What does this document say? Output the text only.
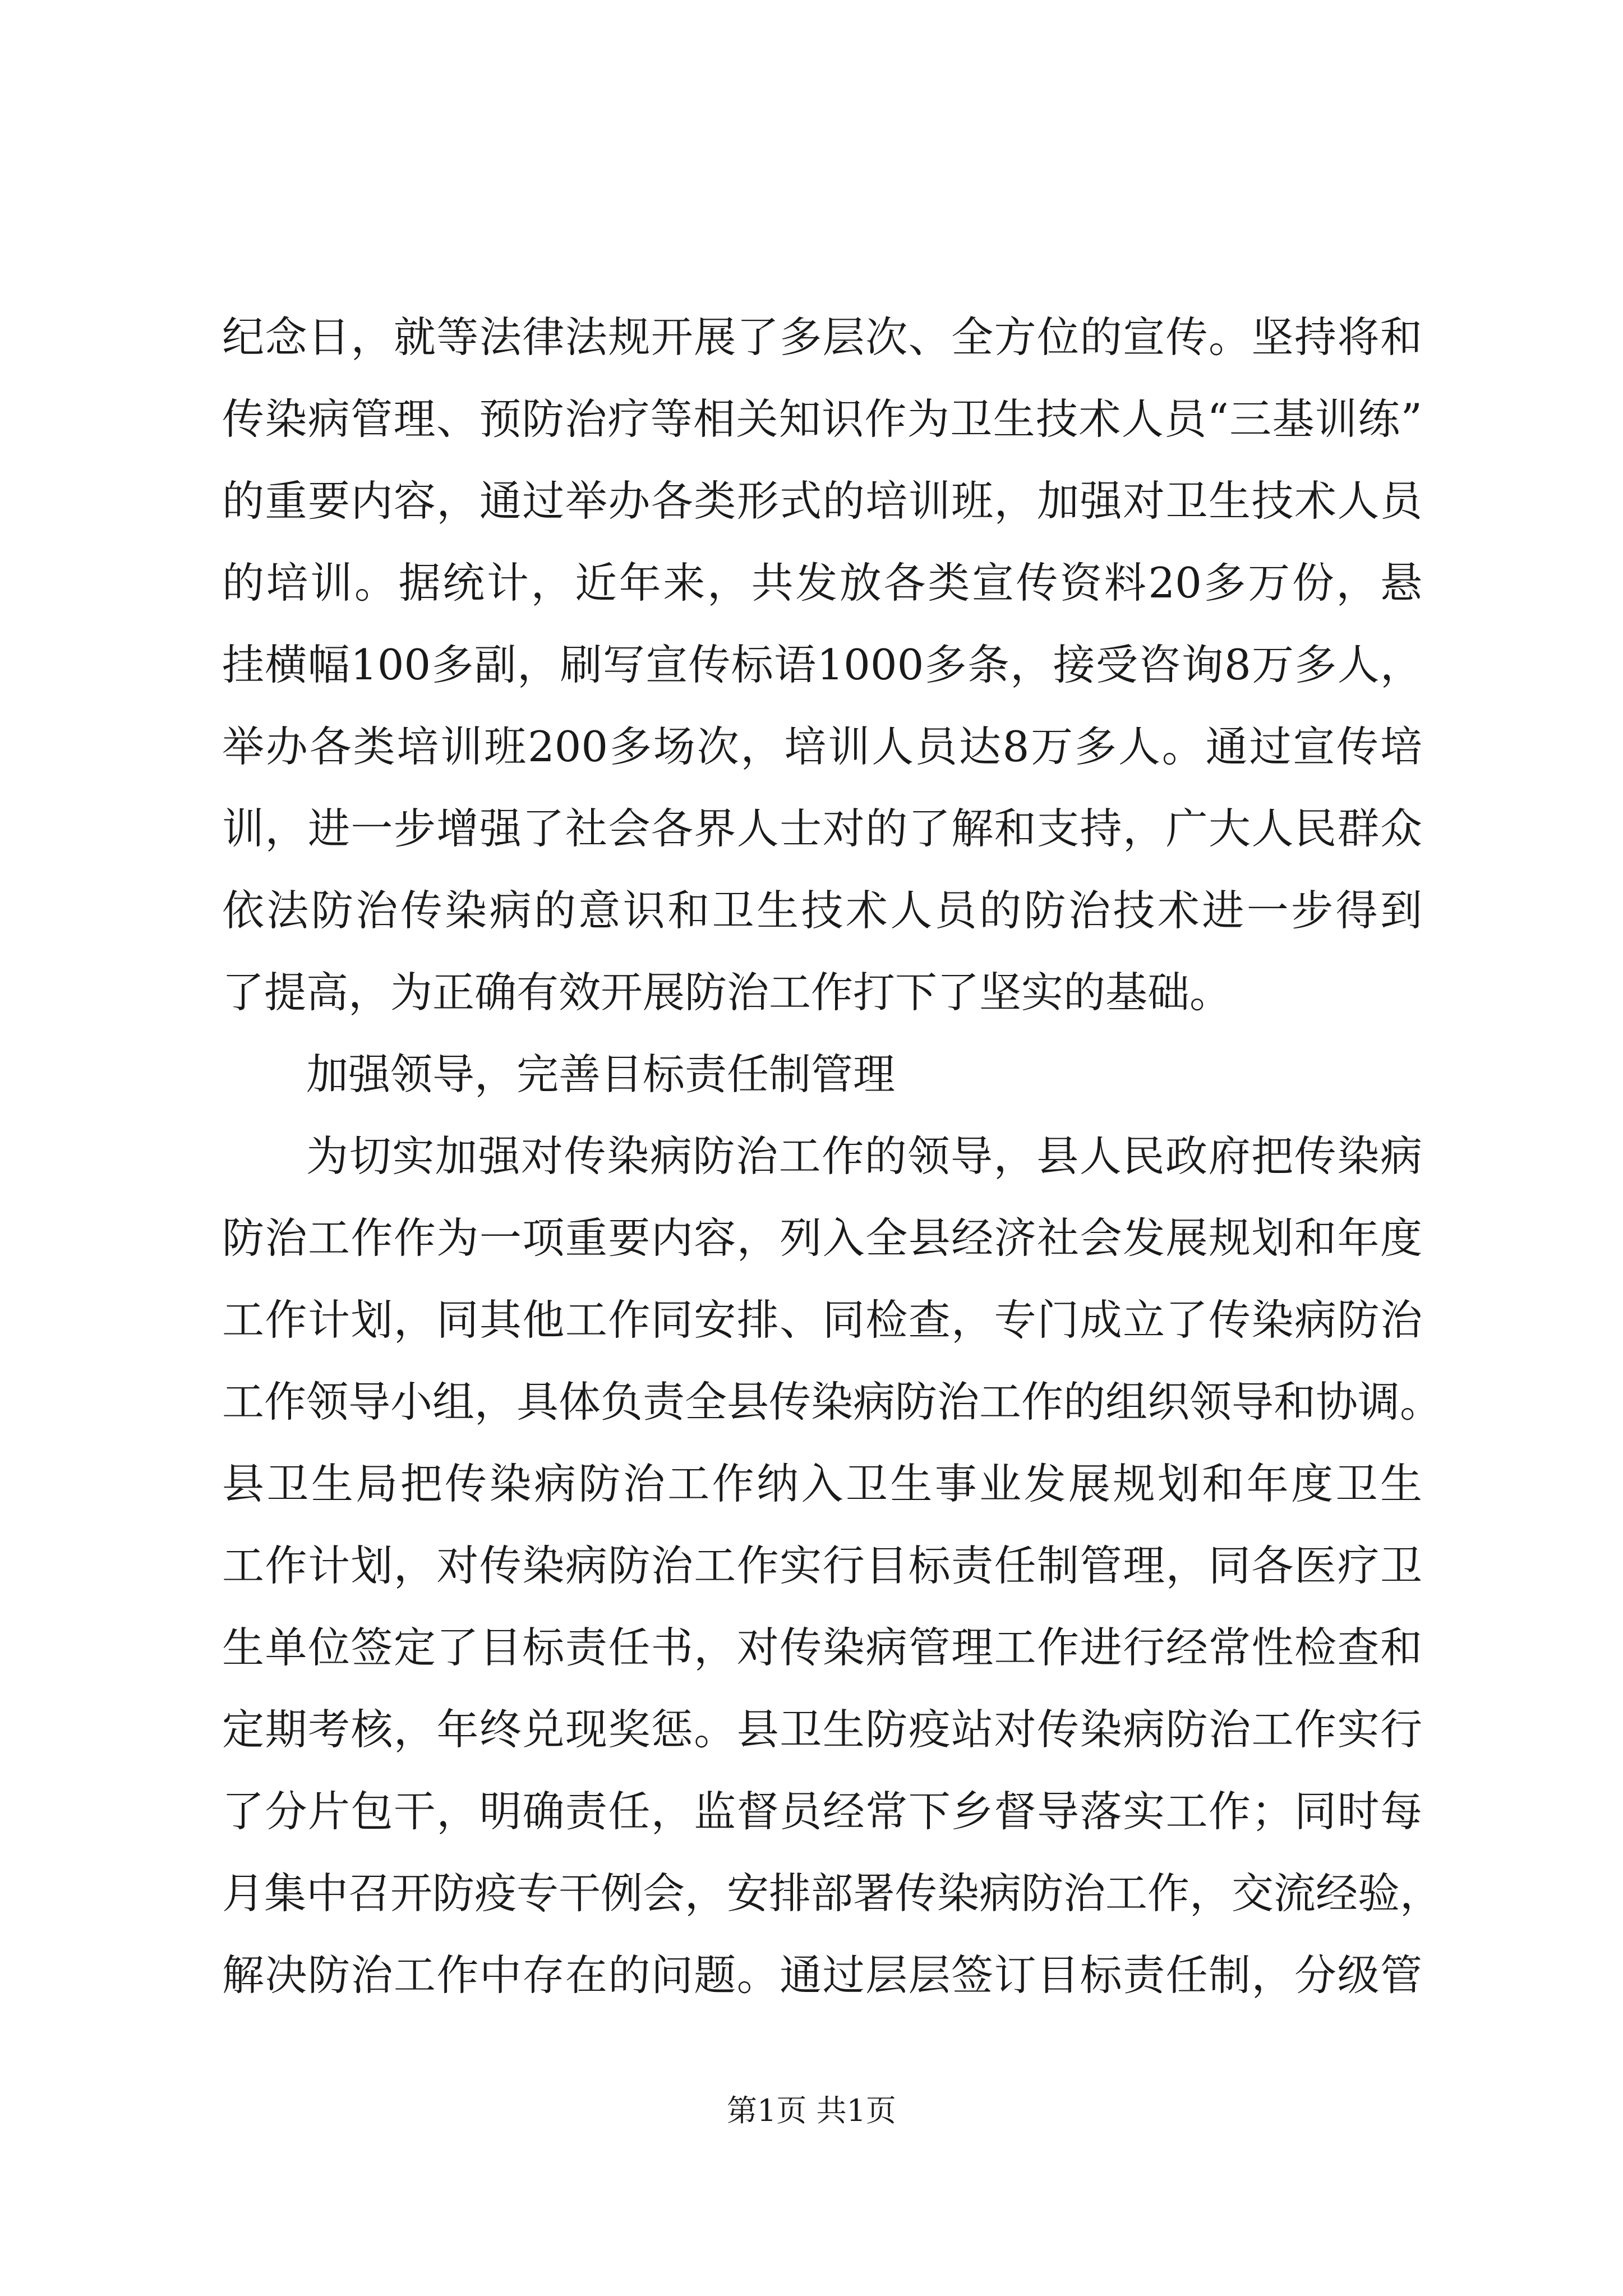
纪念日，就等法律法规开展了多层次、全方位的宣传。坚持将和
传染病管理、预防治疗等相关知识作为卫生技术人员“三基训练”
的重要内容，通过举办各类形式的培训班，加强对卫生技术人员
的培训。据统计，近年来，共发放各类宣传资料20多万份，悬
挂横幅100多副，刷写宣传标语1000多条，接受咨询8万多人，
举办各类培训班200多场次，培训人员达8万多人。通过宣传培
训，进一步增强了社会各界人士对的了解和支持，广大人民群众
依法防治传染病的意识和卫生技术人员的防治技术进一步得到
了提高，为正确有效开展防治工作打下了坚实的基础。
加强领导，完善目标责任制管理
为切实加强对传染病防治工作的领导，县人民政府把传染病
防治工作作为一项重要内容，列入全县经济社会发展规划和年度
工作计划，同其他工作同安排、同检查，专门成立了传染病防治
工作领导小组，具体负责全县传染病防治工作的组织领导和协调。
县卫生局把传染病防治工作纳入卫生事业发展规划和年度卫生
工作计划，对传染病防治工作实行目标责任制管理，同各医疗卫
生单位签定了目标责任书，对传染病管理工作进行经常性检查和
定期考核，年终兑现奖惩。县卫生防疫站对传染病防治工作实行
了分片包干，明确责任，监督员经常下乡督导落实工作；同时每
月集中召开防疫专干例会，安排部署传染病防治工作，交流经验，
解决防治工作中存在的问题。通过层层签订目标责任制，分级管
第1页 共1页
